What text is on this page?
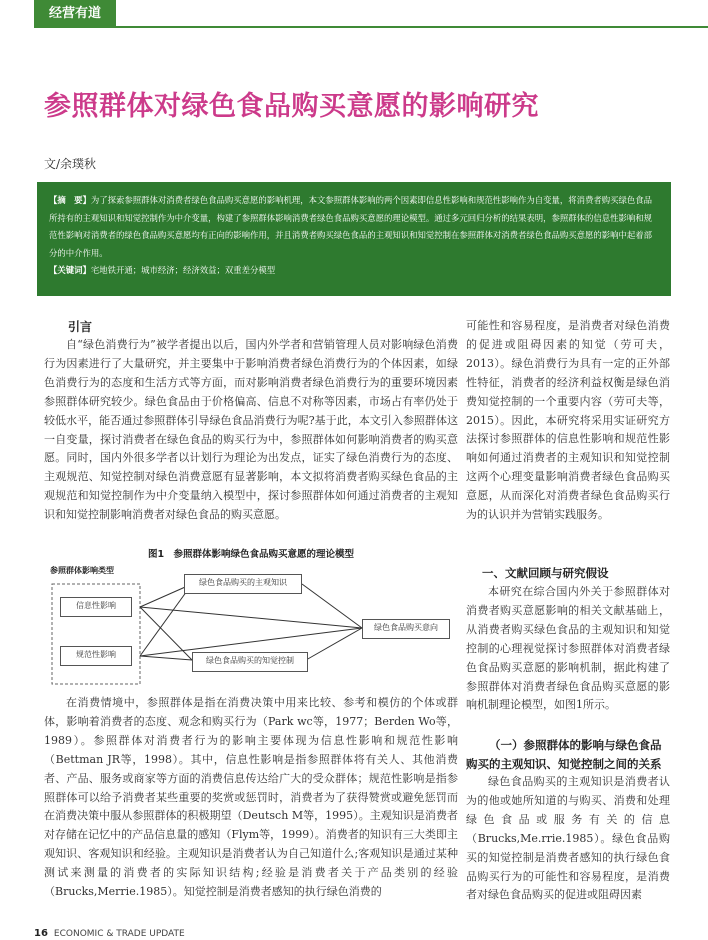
经营有道
参照群体对绿色食品购买意愿的影响研究
文/余璞秋

【摘　要】为了探索参照群体对消费者绿色食品购买意愿的影响机理，本文参照群体影响的两个因素即信息性影响和规范性影响作为自变量，将消费者购买绿色食品所持有的主观知识和知觉控制作为中介变量，构建了参照群体影响消费者绿色食品购买意愿的理论模型。通过多元回归分析的结果表明，参照群体的信息性影响和规范性影响对消费者的绿色食品购买意愿均有正向的影响作用，并且消费者购买绿色食品的主观知识和知觉控制在参照群体对消费者绿色食品购买意愿的影响中起着部分的中介作用。

【关键词】宅地铁开通；城市经济；经济效益；双重差分模型

引言

自“绿色消费行为”被学者提出以后，国内外学者和营销管理人员对影响绿色消费行为因素进行了大量研究，并主要集中于影响消费者绿色消费行为的个体因素，如绿色消费行为的态度和生活方式等方面，而对影响消费者绿色消费行为的重要环境因素参照群体研究较少。绿色食品由于价格偏高、信息不对称等因素，市场占有率仍处于较低水平，能否通过参照群体引导绿色食品消费行为呢?基于此，本文引入参照群体这一自变量，探讨消费者在绿色食品的购买行为中，参照群体如何影响消费者的购买意愿。同时，国内外很多学者以计划行为理论为出发点，证实了绿色消费行为的态度、主观规范、知觉控制对绿色消费意愿有显著影响，本文拟将消费者购买绿色食品的主观规范和知觉控制作为中介变量纳入模型中，探讨参照群体如何通过消费者的主观知识和知觉控制影响消费者对绿色食品的购买意愿。

图1　参照群体影响绿色食品购买意愿的理论模型
参照群体影响类型
信息性影响
规范性影响
绿色食品购买的主观知识
绿色食品购买的知觉控制
绿色食品购买意向

在消费情境中，参照群体是指在消费决策中用来比较、参考和模仿的个体或群体，影响着消费者的态度、观念和购买行为（Park wc等，1977；Berden Wo等，1989）。参照群体对消费者行为的影响主要体现为信息性影响和规范性影响（Bettman JR等，1998）。其中，信息性影响是指参照群体将有关人、其他消费者、产品、服务或商家等方面的消费信息传达给广大的受众群体；规范性影响是指参照群体可以给予消费者某些重要的奖赏或惩罚时，消费者为了获得赞赏或避免惩罚而在消费决策中服从参照群体的积极期望（Deutsch M等，1995）。主观知识是消费者对存储在记忆中的产品信息量的感知（Flym等，1999）。消费者的知识有三大类即主观知识、客观知识和经验。主观知识是消费者认为自己知道什么;客观知识是通过某种测试来测量的消费者的实际知识结构;经验是消费者关于产品类别的经验（Brucks,Merrie.1985）。知觉控制是消费者感知的执行绿色消费的

可能性和容易程度，是消费者对绿色消费的促进或阻碍因素的知觉（劳可夫，2013）。绿色消费行为具有一定的正外部性特征，消费者的经济利益权衡是绿色消费知觉控制的一个重要内容（劳可夫等，2015）。因此，本研究将采用实证研究方法探讨参照群体的信息性影响和规范性影响如何通过消费者的主观知识和知觉控制这两个心理变量影响消费者绿色食品购买意愿，从而深化对消费者绿色食品购买行为的认识并为营销实践服务。

一、文献回顾与研究假设

本研究在综合国内外关于参照群体对消费者购买意愿影响的相关文献基础上，从消费者购买绿色食品的主观知识和知觉控制的心理视觉探讨参照群体对消费者绿色食品购买意愿的影响机制，据此构建了参照群体对消费者绿色食品购买意愿的影响机制理论模型，如图1所示。

（一）参照群体的影响与绿色食品购买的主观知识、知觉控制之间的关系

绿色食品购买的主观知识是消费者认为的他或她所知道的与购买、消费和处理绿色食品或服务有关的信息（Brucks,Me.rrie.1985）。绿色食品购买的知觉控制是消费者感知的执行绿色食品购买行为的可能性和容易程度，是消费者对绿色食品购买的促进或阻碍因素

16 ECONOMIC & TRADE UPDATE
